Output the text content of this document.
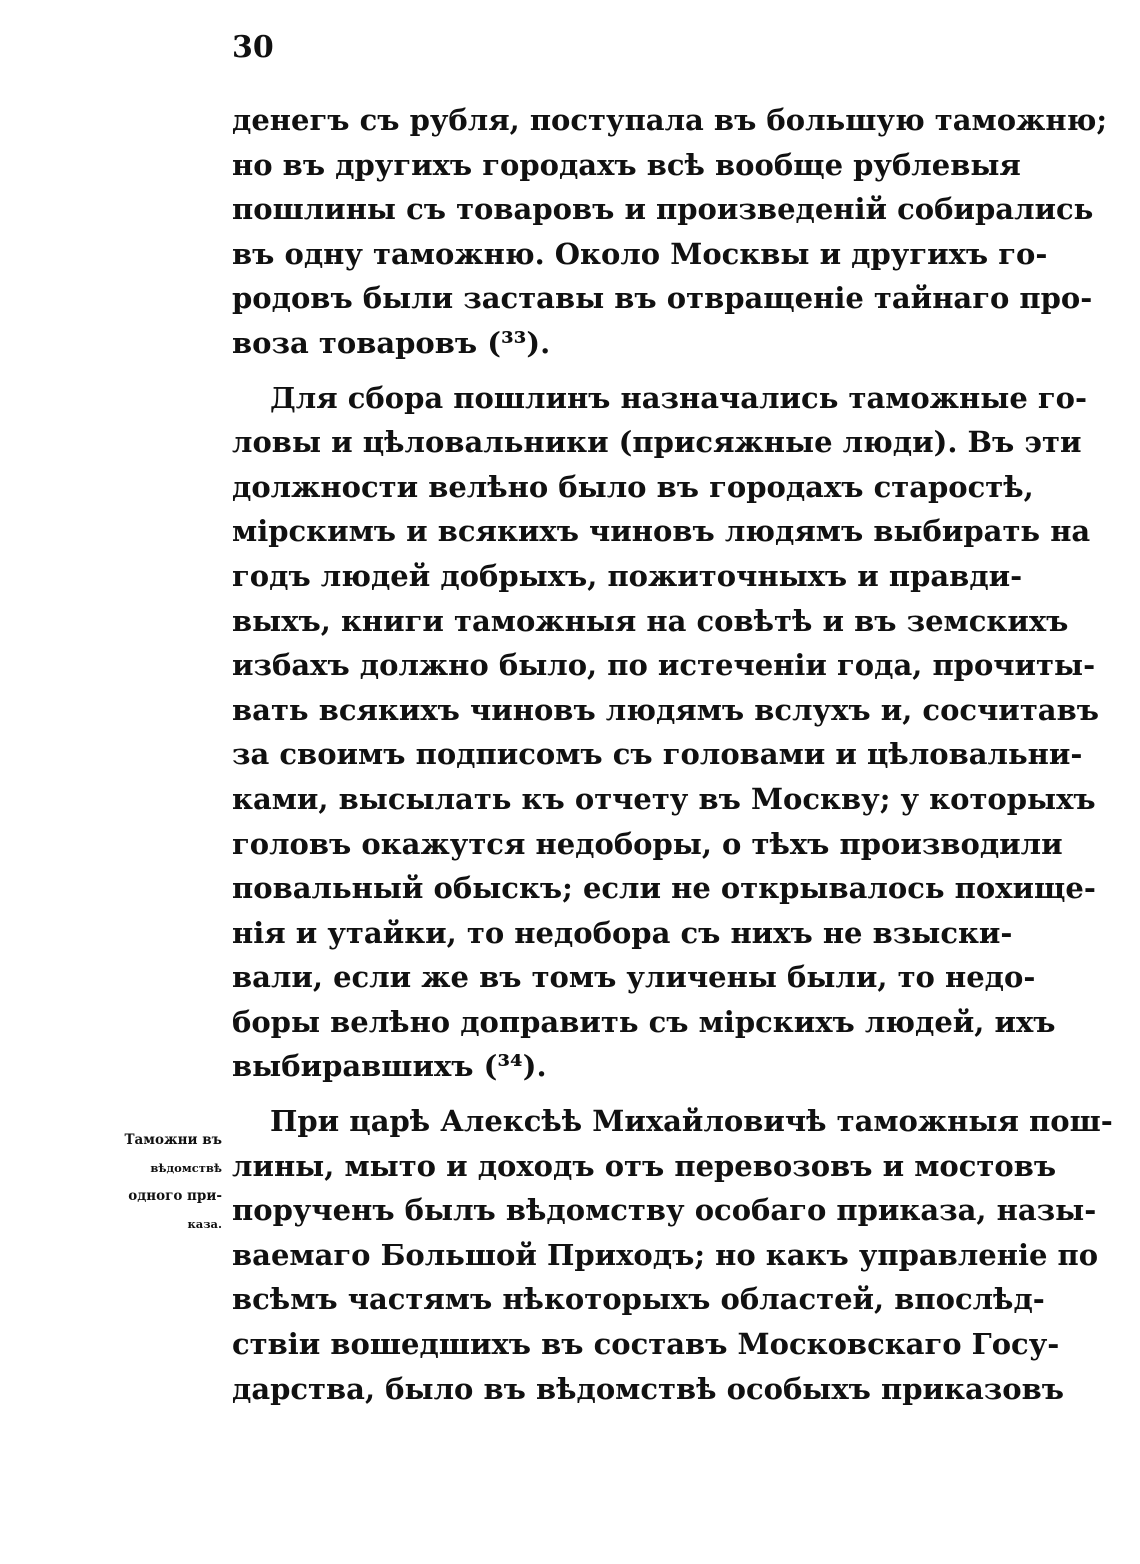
30
денегъ съ рубля, поступала въ большую таможню;
но въ другихъ городахъ всѣ вообще рублевыя
пошлины съ товаровъ и произведенiй собирались
въ одну таможню. Около Москвы и другихъ го-
родовъ были заставы въ отвращенiе тайнаго про-
воза товаровъ (³³).
Для сбора пошлинъ назначались таможные го-
ловы и цѣловальники (присяжные люди). Въ эти
должности велѣно было въ городахъ старостѣ,
мiрскимъ и всякихъ чиновъ людямъ выбирать на
годъ людей добрыхъ, пожиточныхъ и правди-
выхъ, книги таможныя на совѣтѣ и въ земскихъ
избахъ должно было, по истеченiи года, прочиты-
вать всякихъ чиновъ людямъ вслухъ и, сосчитавъ
за своимъ подписомъ съ головами и цѣловальни-
ками, высылать къ отчету въ Москву; у которыхъ
головъ окажутся недоборы, о тѣхъ производили
повальный обыскъ; если не открывалось похище-
нiя и утайки, то недобора съ нихъ не взыски-
вали, если же въ томъ уличены были, то недо-
боры велѣно доправить съ мiрскихъ людей, ихъ
выбиравшихъ (³⁴).
При царѣ Алексѣѣ Михайловичѣ таможныя пош-
лины, мыто и доходъ отъ перевозовъ и мостовъ
порученъ былъ вѣдомству особаго приказа, назы-
ваемаго Большой Приходъ; но какъ управленiе по
всѣмъ частямъ нѣкоторыхъ областей, впослѣд-
ствiи вошедшихъ въ составъ Московскаго Госу-
дарства, было въ вѣдомствѣ особыхъ приказовъ
Таможни въ
вѣдомствѣ
одного при-
каза.
